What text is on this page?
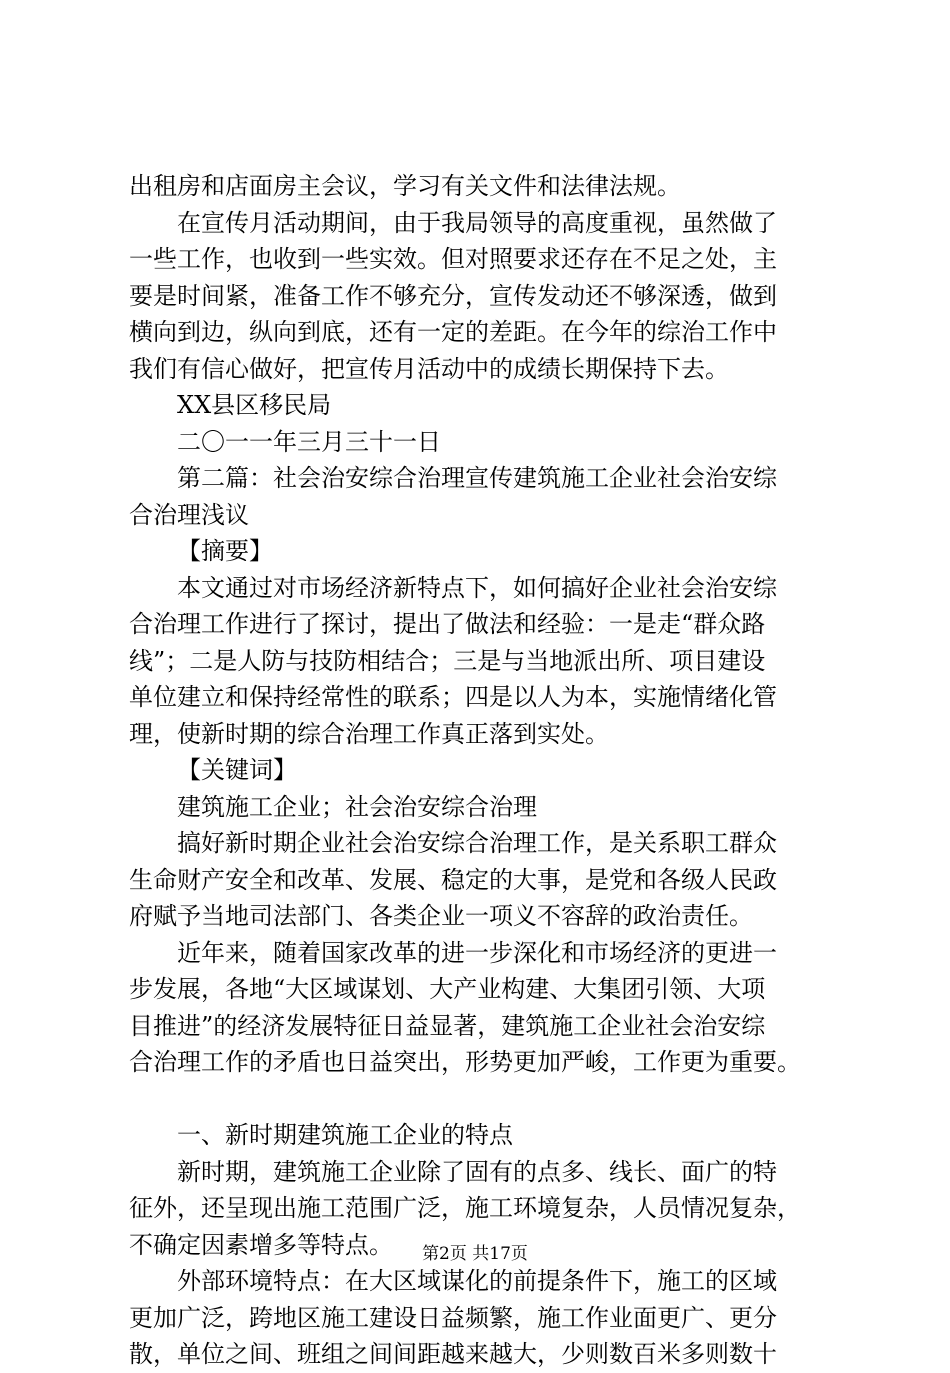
出租房和店面房主会议，学习有关文件和法律法规。
在宣传月活动期间，由于我局领导的高度重视，虽然做了
一些工作，也收到一些实效。但对照要求还存在不足之处，主
要是时间紧，准备工作不够充分，宣传发动还不够深透，做到
横向到边，纵向到底，还有一定的差距。在今年的综治工作中
我们有信心做好，把宣传月活动中的成绩长期保持下去。
XX县区移民局
二〇一一年三月三十一日
第二篇：社会治安综合治理宣传建筑施工企业社会治安综
合治理浅议
【摘要】
本文通过对市场经济新特点下，如何搞好企业社会治安综
合治理工作进行了探讨，提出了做法和经验：一是走“群众路
线”；二是人防与技防相结合；三是与当地派出所、项目建设
单位建立和保持经常性的联系；四是以人为本，实施情绪化管
理，使新时期的综合治理工作真正落到实处。
【关键词】
建筑施工企业；社会治安综合治理
搞好新时期企业社会治安综合治理工作，是关系职工群众
生命财产安全和改革、发展、稳定的大事，是党和各级人民政
府赋予当地司法部门、各类企业一项义不容辞的政治责任。
近年来，随着国家改革的进一步深化和市场经济的更进一
步发展，各地“大区域谋划、大产业构建、大集团引领、大项
目推进”的经济发展特征日益显著，建筑施工企业社会治安综
合治理工作的矛盾也日益突出，形势更加严峻，工作更为重要。
一、新时期建筑施工企业的特点
新时期，建筑施工企业除了固有的点多、线长、面广的特
征外，还呈现出施工范围广泛，施工环境复杂，人员情况复杂，
不确定因素增多等特点。
外部环境特点：在大区域谋化的前提条件下，施工的区域
更加广泛，跨地区施工建设日益频繁，施工作业面更广、更分
散，单位之间、班组之间间距越来越大，少则数百米多则数十
第2页 共17页
